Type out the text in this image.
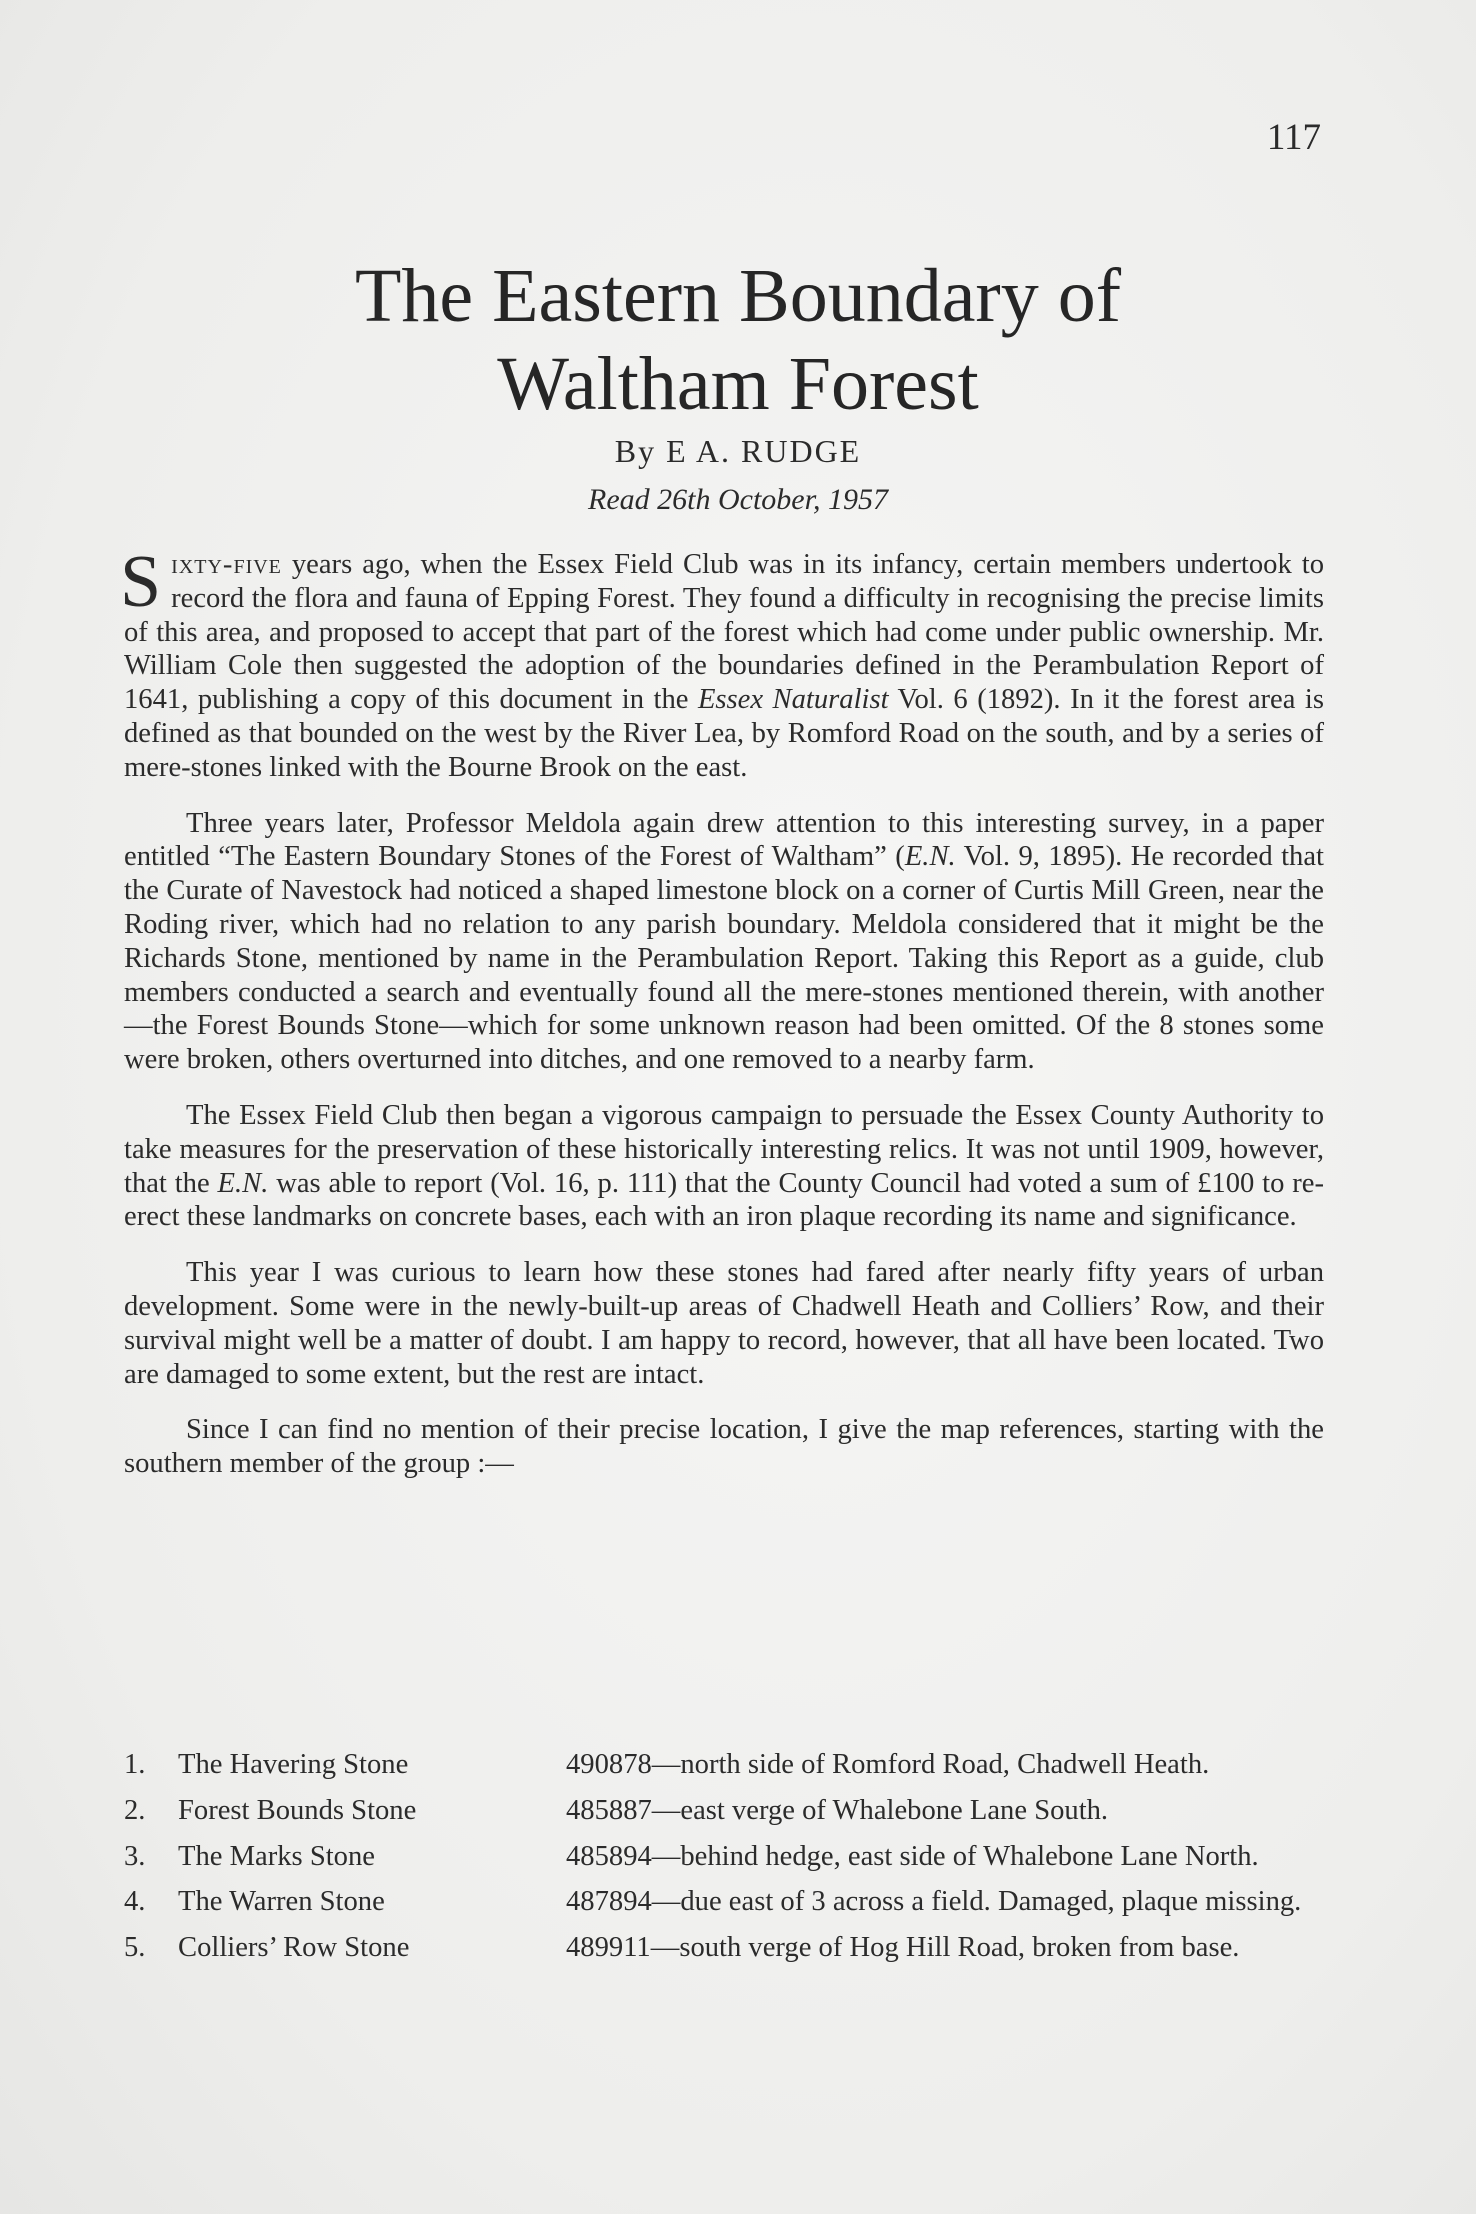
117
The Eastern Boundary of
Waltham Forest
By E A. RUDGE
Read 26th October, 1957

Sixty-five years ago, when the Essex Field Club was in its infancy, certain members undertook to record the flora and fauna of Epping Forest. They found a difficulty in recognising the precise limits of this area, and proposed to accept that part of the forest which had come under public ownership. Mr. William Cole then suggested the adoption of the boundaries defined in the Perambulation Report of 1641, publishing a copy of this document in the Essex Naturalist Vol. 6 (1892). In it the forest area is defined as that bounded on the west by the River Lea, by Romford Road on the south, and by a series of mere-stones linked with the Bourne Brook on the east.

Three years later, Professor Meldola again drew attention to this interesting survey, in a paper entitled “The Eastern Boundary Stones of the Forest of Waltham” (E.N. Vol. 9, 1895). He recorded that the Curate of Navestock had noticed a shaped limestone block on a corner of Curtis Mill Green, near the Roding river, which had no relation to any parish boundary. Meldola considered that it might be the Richards Stone, mentioned by name in the Perambulation Report. Taking this Report as a guide, club members conducted a search and eventually found all the mere-stones mentioned therein, with another—the Forest Bounds Stone—which for some unknown reason had been omitted. Of the 8 stones some were broken, others overturned into ditches, and one removed to a nearby farm.

The Essex Field Club then began a vigorous campaign to persuade the Essex County Authority to take measures for the preservation of these historically interesting relics. It was not until 1909, however, that the E.N. was able to report (Vol. 16, p. 111) that the County Council had voted a sum of £100 to re-erect these landmarks on concrete bases, each with an iron plaque recording its name and significance.

This year I was curious to learn how these stones had fared after nearly fifty years of urban development. Some were in the newly-built-up areas of Chadwell Heath and Colliers’ Row, and their survival might well be a matter of doubt. I am happy to record, however, that all have been located. Two are damaged to some extent, but the rest are intact.

Since I can find no mention of their precise location, I give the map references, starting with the southern member of the group :—

1.	The Havering Stone	490878—north side of Romford Road, Chadwell Heath.
2.	Forest Bounds Stone	485887—east verge of Whalebone Lane South.
3.	The Marks Stone	485894—behind hedge, east side of Whalebone Lane North.
4.	The Warren Stone	487894—due east of 3 across a field. Damaged, plaque missing.
5.	Colliers’ Row Stone	489911—south verge of Hog Hill Road, broken from base.
